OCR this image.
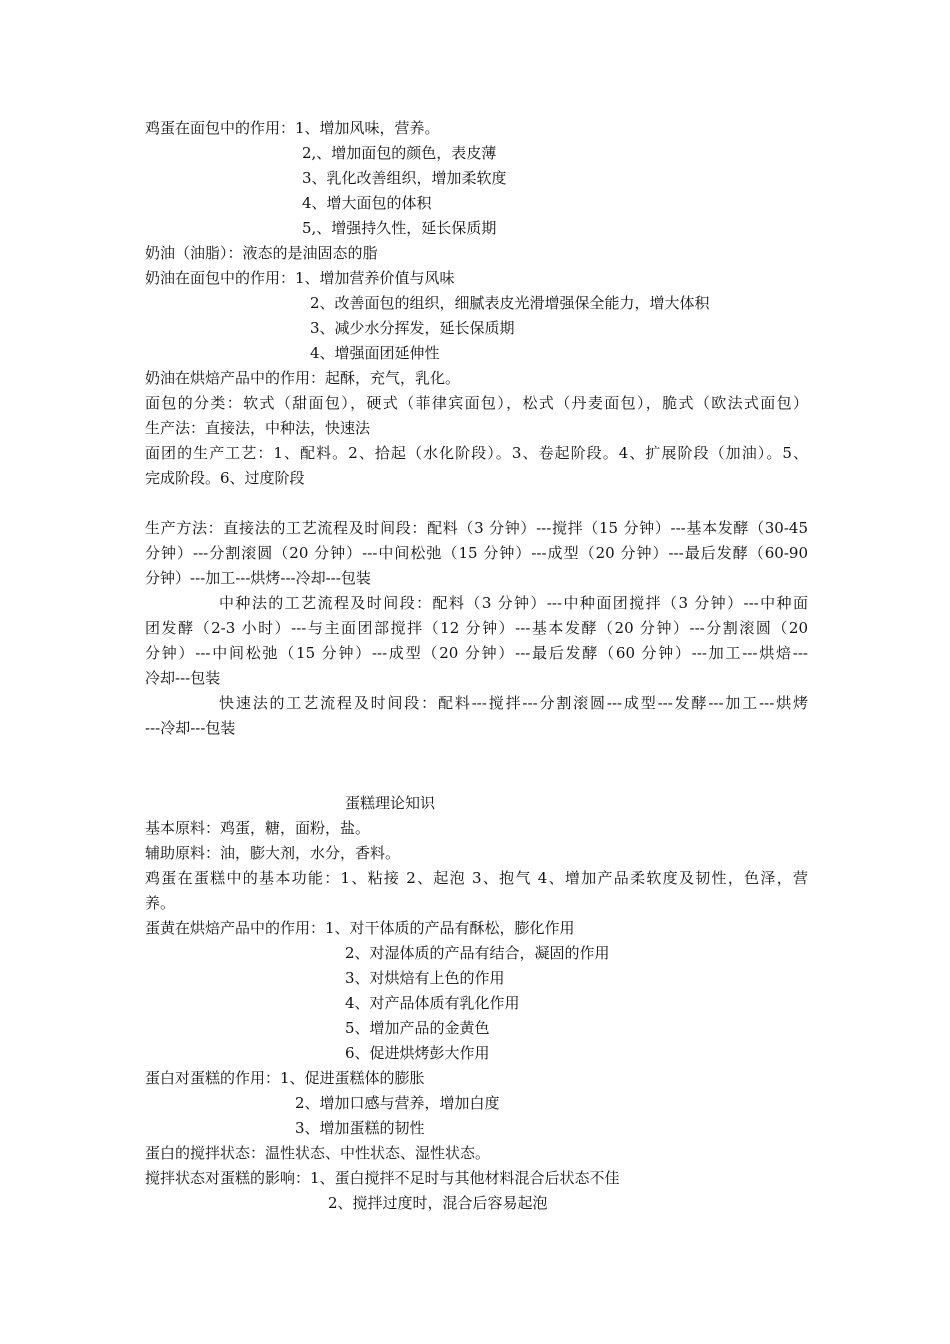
鸡蛋在面包中的作用：1、增加风味，营养。
2,、增加面包的颜色，表皮薄
3、乳化改善组织，增加柔软度
4、增大面包的体积
5,、增强持久性，延长保质期
奶油（油脂）：液态的是油固态的脂
奶油在面包中的作用：1、增加营养价值与风味
2、改善面包的组织，细腻表皮光滑增强保全能力，增大体积
3、减少水分挥发，延长保质期
4、增强面团延伸性
奶油在烘焙产品中的作用：起酥，充气，乳化。
面包的分类：软式（甜面包），硬式（菲律宾面包），松式（丹麦面包），脆式（欧法式面包）
生产法：直接法，中种法，快速法
面团的生产工艺：1、配料。2、拾起（水化阶段）。3、卷起阶段。4、扩展阶段（加油）。5、
完成阶段。6、过度阶段
生产方法：直接法的工艺流程及时间段：配料（3 分钟）---搅拌（15 分钟）---基本发酵（30-45
分钟）---分割滚圆（20 分钟）---中间松弛（15 分钟）---成型（20 分钟）---最后发酵（60-90
分钟）---加工---烘烤---冷却---包装
中种法的工艺流程及时间段：配料（3 分钟）---中种面团搅拌（3 分钟）---中种面
团发酵（2-3 小时）---与主面团部搅拌（12 分钟）---基本发酵（20 分钟）---分割滚圆（20
分钟）---中间松弛（15 分钟）---成型（20 分钟）---最后发酵（60 分钟）---加工---烘焙---
冷却---包装
快速法的工艺流程及时间段：配料---搅拌---分割滚圆---成型---发酵---加工---烘烤
---冷却---包装
蛋糕理论知识
基本原料：鸡蛋，糖，面粉，盐。
辅助原料：油，膨大剂，水分，香料。
鸡蛋在蛋糕中的基本功能：1、粘接 2、起泡 3、抱气 4、增加产品柔软度及韧性，色泽，营
养。
蛋黄在烘焙产品中的作用：1、对干体质的产品有酥松，膨化作用
2、对湿体质的产品有结合，凝固的作用
3、对烘焙有上色的作用
4、对产品体质有乳化作用
5、增加产品的金黄色
6、促进烘烤彭大作用
蛋白对蛋糕的作用：1、促进蛋糕体的膨胀
2、增加口感与营养，增加白度
3、增加蛋糕的韧性
蛋白的搅拌状态：温性状态、中性状态、湿性状态。
搅拌状态对蛋糕的影响：1、蛋白搅拌不足时与其他材料混合后状态不佳
2、搅拌过度时，混合后容易起泡
